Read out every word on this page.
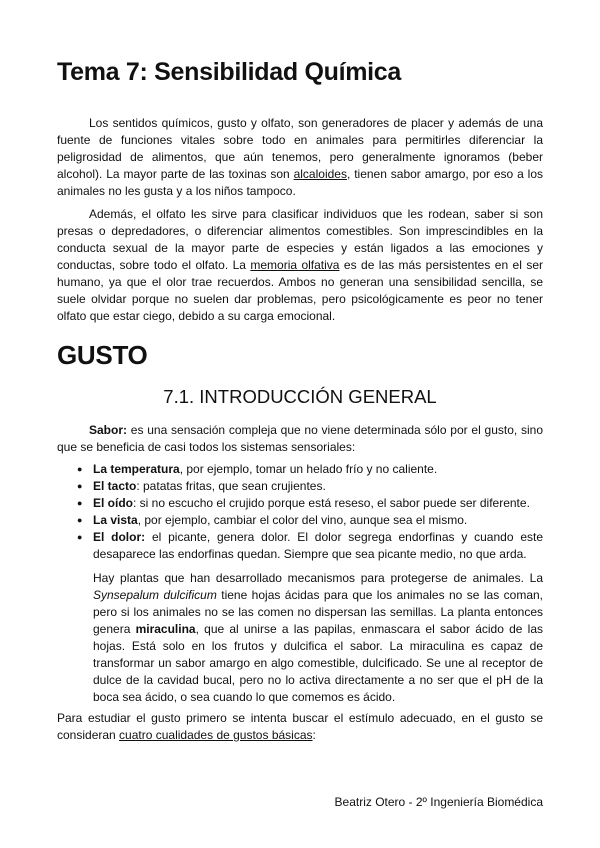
Tema 7: Sensibilidad Química

Los sentidos químicos, gusto y olfato, son generadores de placer y además de una fuente de funciones vitales sobre todo en animales para permitirles diferenciar la peligrosidad de alimentos, que aún tenemos, pero generalmente ignoramos (beber alcohol). La mayor parte de las toxinas son alcaloides, tienen sabor amargo, por eso a los animales no les gusta y a los niños tampoco.

Además, el olfato les sirve para clasificar individuos que les rodean, saber si son presas o depredadores, o diferenciar alimentos comestibles. Son imprescindibles en la conducta sexual de la mayor parte de especies y están ligados a las emociones y conductas, sobre todo el olfato. La memoria olfativa es de las más persistentes en el ser humano, ya que el olor trae recuerdos. Ambos no generan una sensibilidad sencilla, se suele olvidar porque no suelen dar problemas, pero psicológicamente es peor no tener olfato que estar ciego, debido a su carga emocional.

GUSTO
7.1. INTRODUCCIÓN GENERAL

Sabor: es una sensación compleja que no viene determinada sólo por el gusto, sino que se beneficia de casi todos los sistemas sensoriales:

● La temperatura, por ejemplo, tomar un helado frío y no caliente.
● El tacto: patatas fritas, que sean crujientes.
● El oído: si no escucho el crujido porque está reseso, el sabor puede ser diferente.
● La vista, por ejemplo, cambiar el color del vino, aunque sea el mismo.
● El dolor: el picante, genera dolor. El dolor segrega endorfinas y cuando este desaparece las endorfinas quedan. Siempre que sea picante medio, no que arda.

Hay plantas que han desarrollado mecanismos para protegerse de animales. La Synsepalum dulcificum tiene hojas ácidas para que los animales no se las coman, pero si los animales no se las comen no dispersan las semillas. La planta entonces genera miraculina, que al unirse a las papilas, enmascara el sabor ácido de las hojas. Está solo en los frutos y dulcifica el sabor. La miraculina es capaz de transformar un sabor amargo en algo comestible, dulcificado. Se une al receptor de dulce de la cavidad bucal, pero no lo activa directamente a no ser que el pH de la boca sea ácido, o sea cuando lo que comemos es ácido.

Para estudiar el gusto primero se intenta buscar el estímulo adecuado, en el gusto se consideran cuatro cualidades de gustos básicas:

Beatriz Otero - 2º Ingeniería Biomédica
